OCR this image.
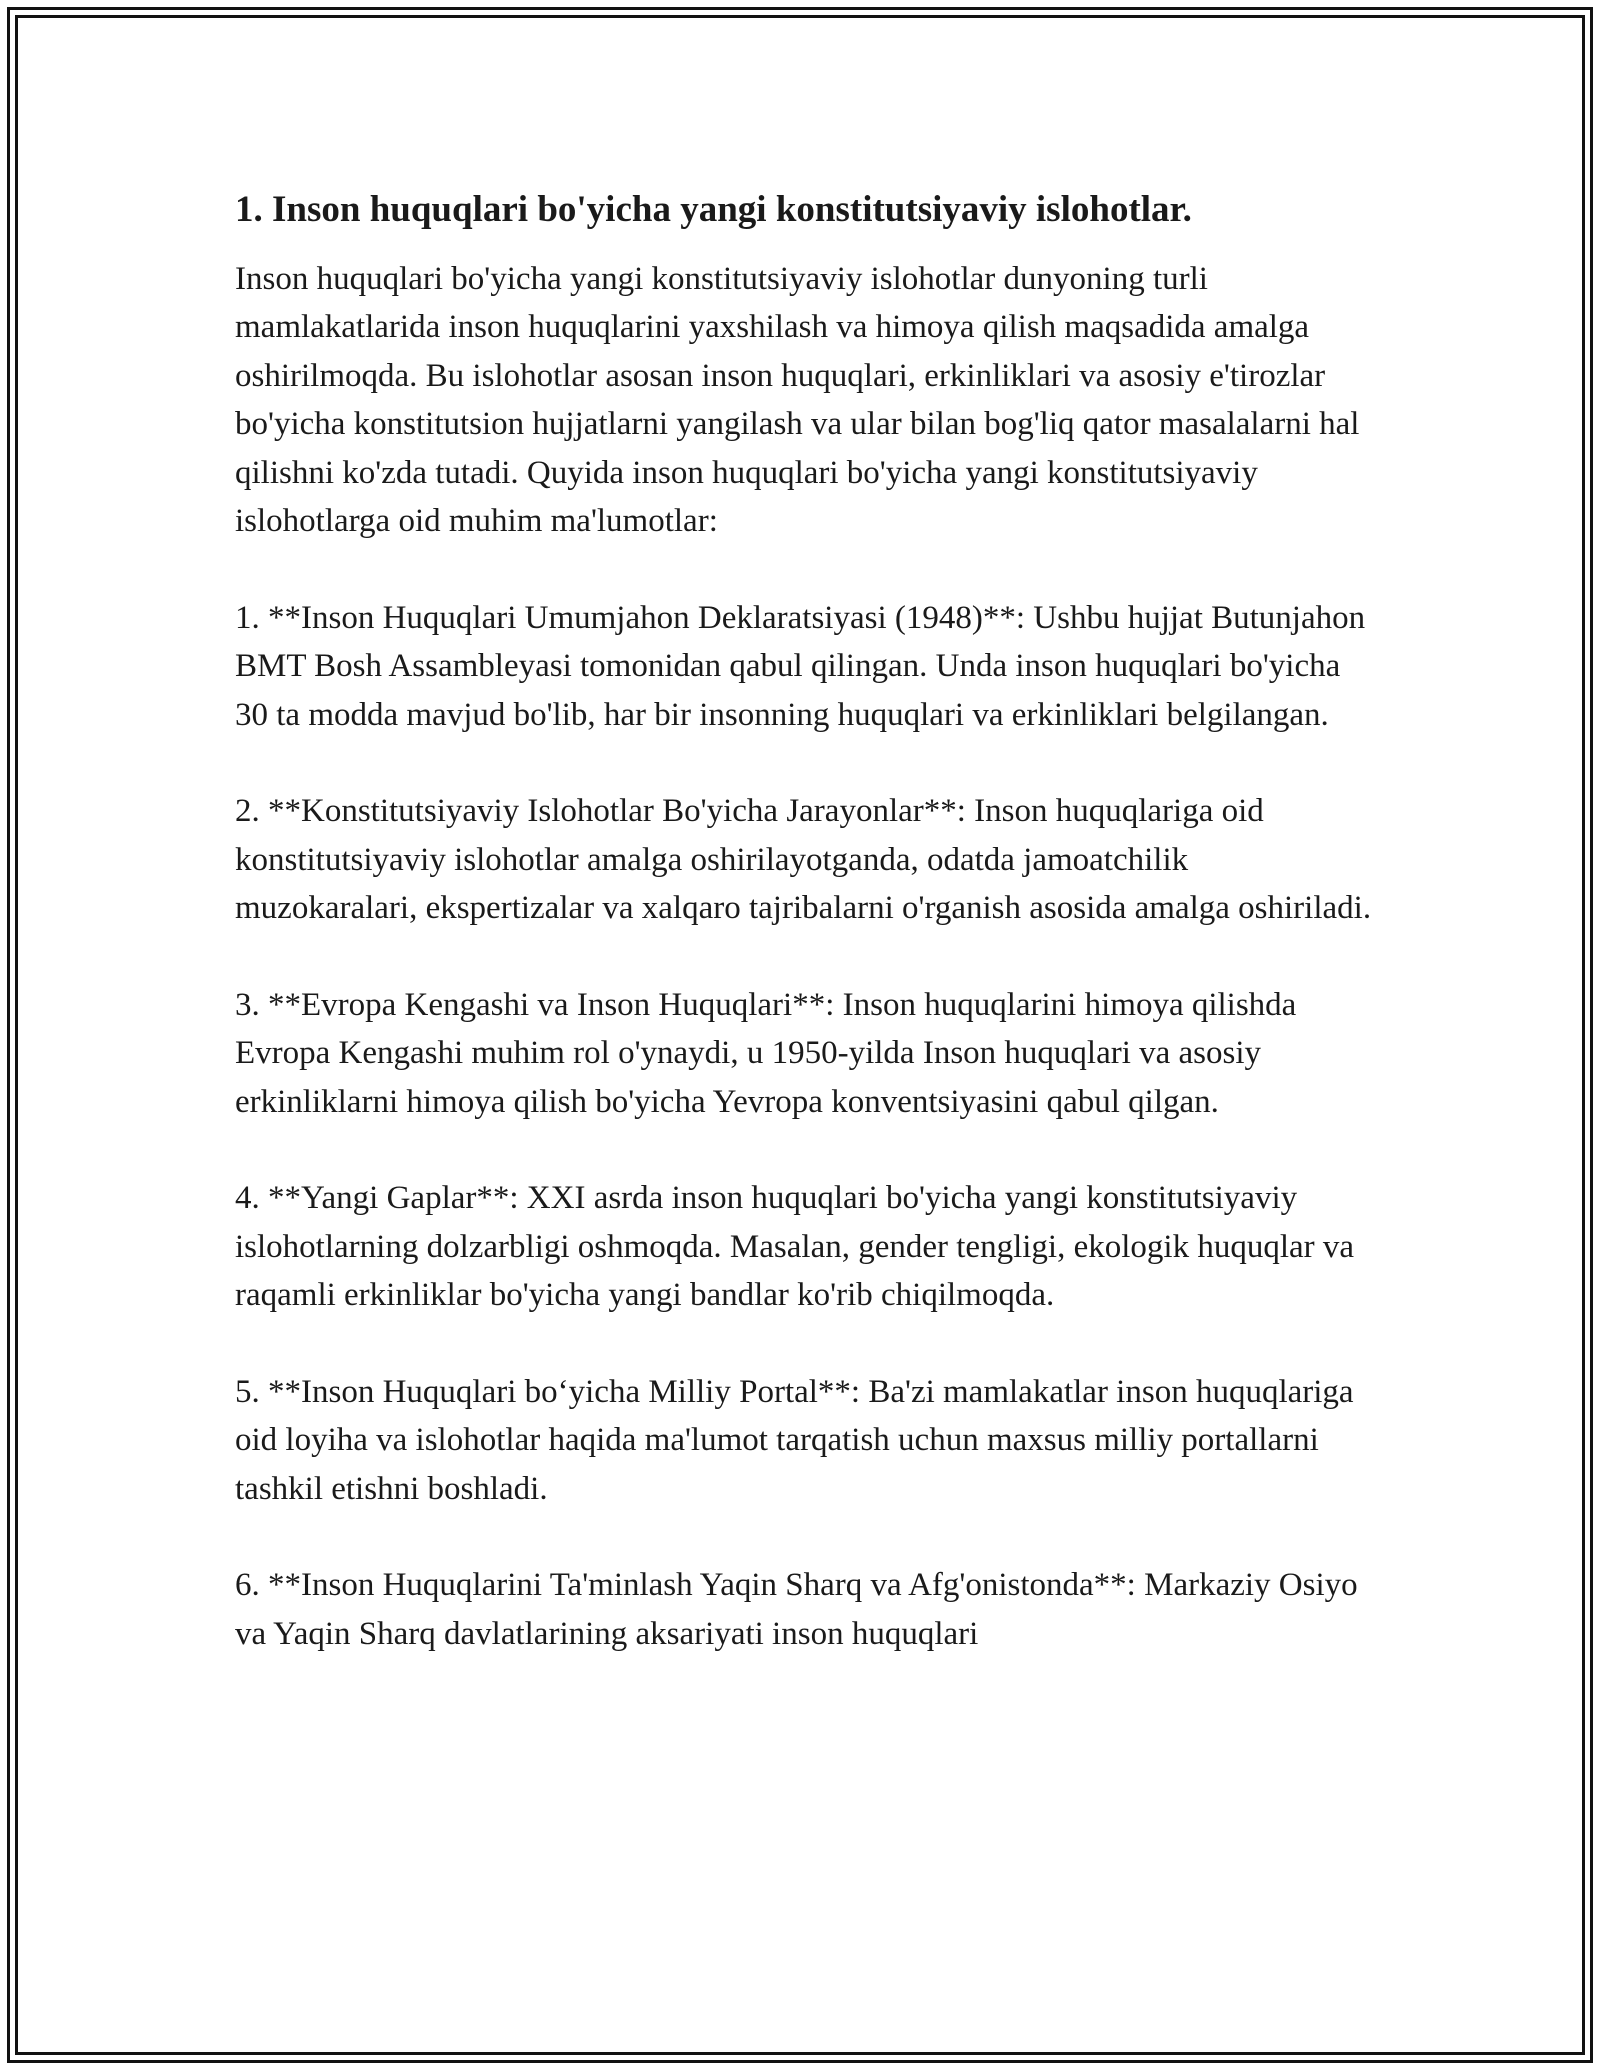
1. Inson huquqlari bo'yicha yangi konstitutsiyaviy islohotlar.

Inson huquqlari bo'yicha yangi konstitutsiyaviy islohotlar dunyoning turli mamlakatlarida inson huquqlarini yaxshilash va himoya qilish maqsadida amalga oshirilmoqda. Bu islohotlar asosan inson huquqlari, erkinliklari va asosiy e'tirozlar bo'yicha konstitutsion hujjatlarni yangilash va ular bilan bog'liq qator masalalarni hal qilishni ko'zda tutadi. Quyida inson huquqlari bo'yicha yangi konstitutsiyaviy islohotlarga oid muhim ma'lumotlar:

1. **Inson Huquqlari Umumjahon Deklaratsiyasi (1948)**: Ushbu hujjat Butunjahon BMT Bosh Assambleyasi tomonidan qabul qilingan. Unda inson huquqlari bo'yicha 30 ta modda mavjud bo'lib, har bir insonning huquqlari va erkinliklari belgilangan.

2. **Konstitutsiyaviy Islohotlar Bo'yicha Jarayonlar**: Inson huquqlariga oid konstitutsiyaviy islohotlar amalga oshirilayotganda, odatda jamoatchilik muzokaralari, ekspertizalar va xalqaro tajribalarni o'rganish asosida amalga oshiriladi.

3. **Evropa Kengashi va Inson Huquqlari**: Inson huquqlarini himoya qilishda Evropa Kengashi muhim rol o'ynaydi, u 1950-yilda Inson huquqlari va asosiy erkinliklarni himoya qilish bo'yicha Yevropa konventsiyasini qabul qilgan.

4. **Yangi Gaplar**: XXI asrda inson huquqlari bo'yicha yangi konstitutsiyaviy islohotlarning dolzarbligi oshmoqda. Masalan, gender tengligi, ekologik huquqlar va raqamli erkinliklar bo'yicha yangi bandlar ko'rib chiqilmoqda.

5. **Inson Huquqlari bo‘yicha Milliy Portal**: Ba'zi mamlakatlar inson huquqlariga oid loyiha va islohotlar haqida ma'lumot tarqatish uchun maxsus milliy portallarni tashkil etishni boshladi.

6. **Inson Huquqlarini Ta'minlash Yaqin Sharq va Afg'onistonda**: Markaziy Osiyo va Yaqin Sharq davlatlarining aksariyati inson huquqlari
